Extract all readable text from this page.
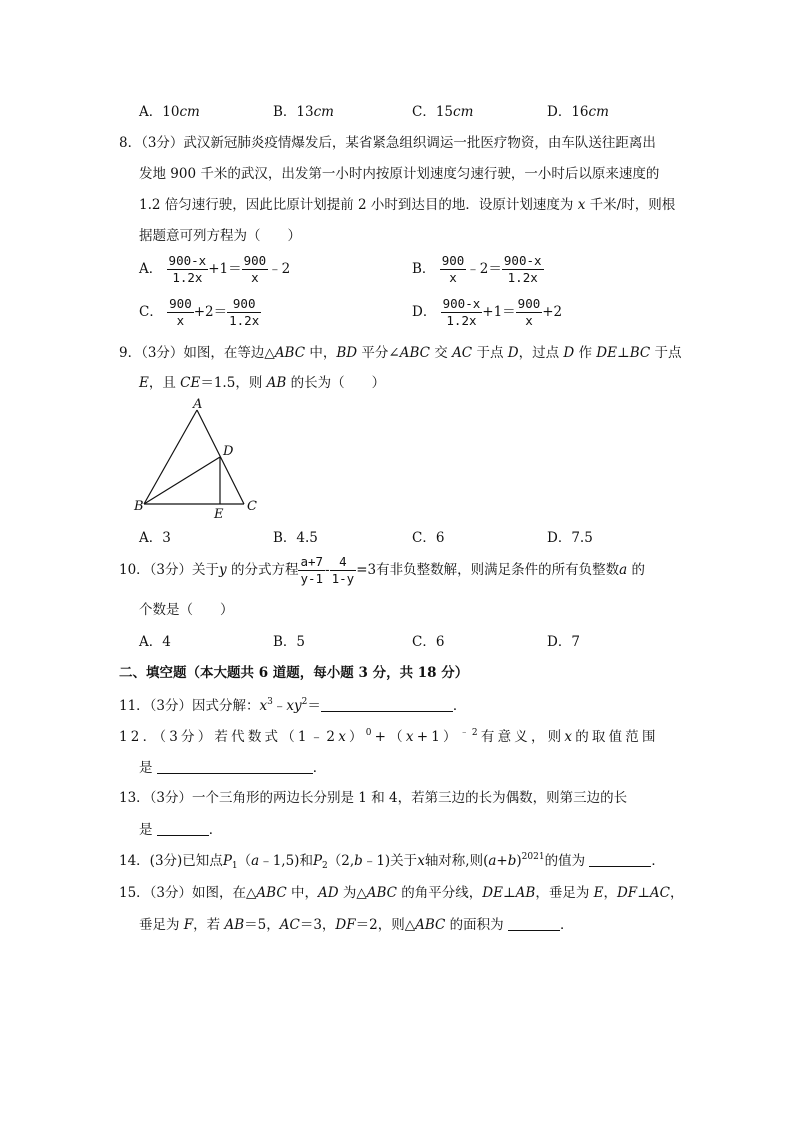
A．10cm	B．13cm	C．15cm	D．16cm
8．（3分）武汉新冠肺炎疫情爆发后，某省紧急组织调运一批医疗物资，由车队送往距离出
发地 900 千米的武汉，出发第一小时内按原计划速度匀速行驶，一小时后以原来速度的
1.2 倍匀速行驶，因此比原计划提前 2 小时到达目的地．设原计划速度为 x 千米/时，则根
据题意可列方程为（　　）
A． $\frac{900-x}{1.2x} +1= \frac{900}{x}$ ﹣2	B． $\frac{900}{x}$ ﹣2＝ $\frac{900-x}{1.2x}$
C． $\frac{900}{x} +2= \frac{900}{1.2x}$	D． $\frac{900-x}{1.2x} +1= \frac{900}{x} +2$
9．（3分）如图，在等边△ABC 中，BD 平分∠ABC 交 AC 于点 D，过点 D 作 DE⊥BC 于点
E，且 CE＝1.5，则 AB 的长为（　　）
A
B	C
D
E
A．3	B．4.5	C．6	D．7.5
10．（3分）关于y 的分式方程 $\frac{a+7}{y-1} - \frac{4}{1-y} =3$有非负整数解，则满足条件的所有负整数a 的
个数是（　　）
A．4	B．5	C．6	D．7
二、填空题（本大题共 6 道题，每小题 3 分，共 18 分）
11．（3分）因式分解：$x^3﹣xy^2=$	．
12．（3分）若代数式$(1﹣2x)^0+(x+1)^{﹣2}$有意义，则x的取值范围
是	．
13．（3分）一个三角形的两边长分别是 1 和 4，若第三边的长为偶数，则第三边的长
是	．
14．(3分)已知点$P_1(a﹣1,5)$和$P_2(2,b﹣1)$关于x轴对称,则$(a+b)^{2021}$的值为	．
15．（3分）如图，在△ABC 中，AD 为△ABC 的角平分线，DE⊥AB，垂足为 E，DF⊥AC，
垂足为 F，若 AB＝5，AC＝3，DF＝2，则△ABC 的面积为	．
